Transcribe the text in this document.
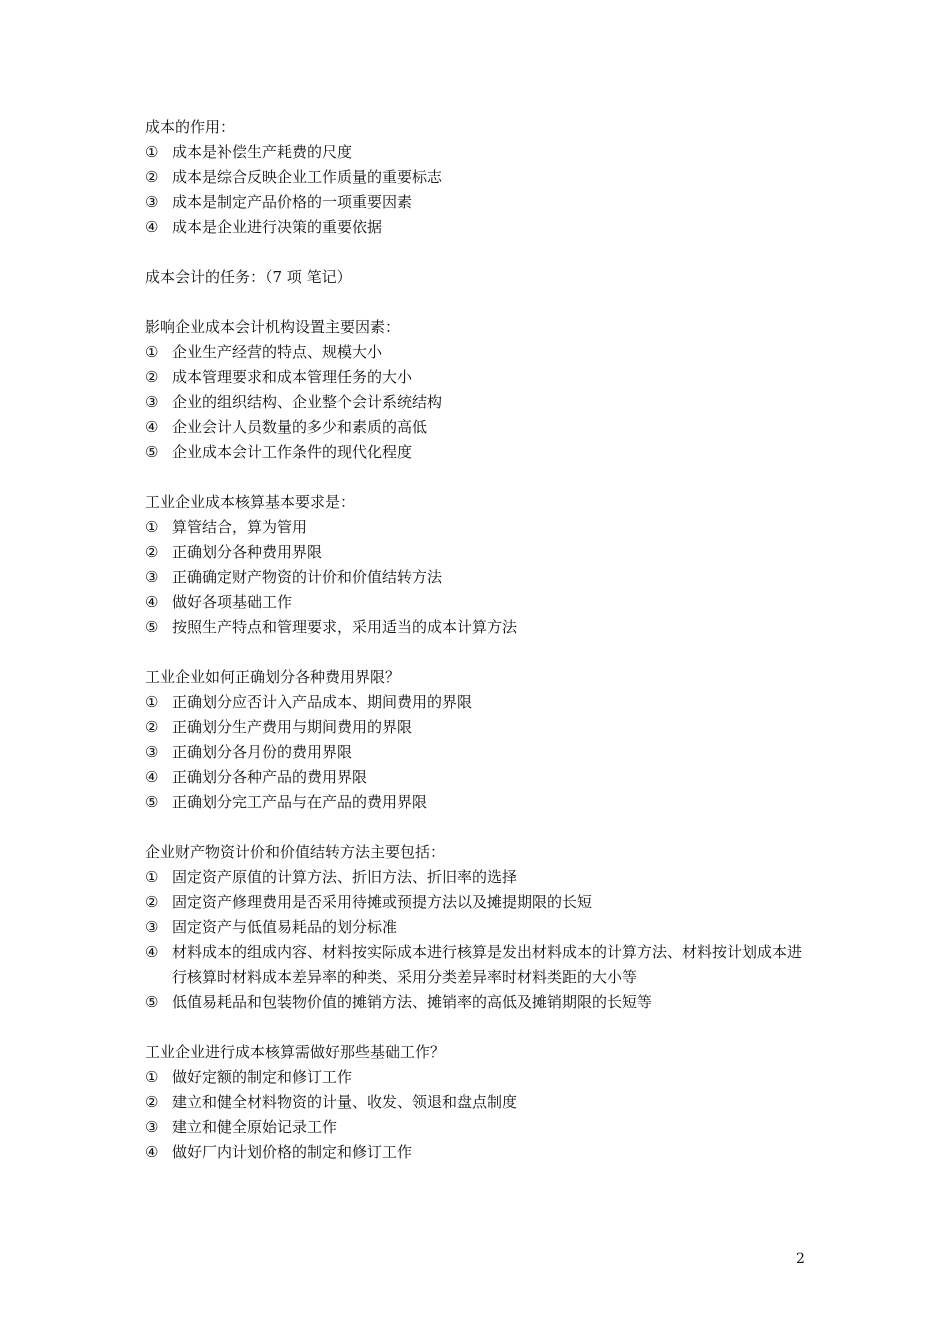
成本的作用：
① 成本是补偿生产耗费的尺度
② 成本是综合反映企业工作质量的重要标志
③ 成本是制定产品价格的一项重要因素
④ 成本是企业进行决策的重要依据
成本会计的任务：（7 项 笔记）
影响企业成本会计机构设置主要因素：
① 企业生产经营的特点、规模大小
② 成本管理要求和成本管理任务的大小
③ 企业的组织结构、企业整个会计系统结构
④ 企业会计人员数量的多少和素质的高低
⑤ 企业成本会计工作条件的现代化程度
工业企业成本核算基本要求是：
① 算管结合，算为管用
② 正确划分各种费用界限
③ 正确确定财产物资的计价和价值结转方法
④ 做好各项基础工作
⑤ 按照生产特点和管理要求，采用适当的成本计算方法
工业企业如何正确划分各种费用界限？
① 正确划分应否计入产品成本、期间费用的界限
② 正确划分生产费用与期间费用的界限
③ 正确划分各月份的费用界限
④ 正确划分各种产品的费用界限
⑤ 正确划分完工产品与在产品的费用界限
企业财产物资计价和价值结转方法主要包括：
① 固定资产原值的计算方法、折旧方法、折旧率的选择
② 固定资产修理费用是否采用待摊或预提方法以及摊提期限的长短
③ 固定资产与低值易耗品的划分标准
④ 材料成本的组成内容、材料按实际成本进行核算是发出材料成本的计算方法、材料按计划成本进行核算时材料成本差异率的种类、采用分类差异率时材料类距的大小等
⑤ 低值易耗品和包装物价值的摊销方法、摊销率的高低及摊销期限的长短等
工业企业进行成本核算需做好那些基础工作？
① 做好定额的制定和修订工作
② 建立和健全材料物资的计量、收发、领退和盘点制度
③ 建立和健全原始记录工作
④ 做好厂内计划价格的制定和修订工作
2
